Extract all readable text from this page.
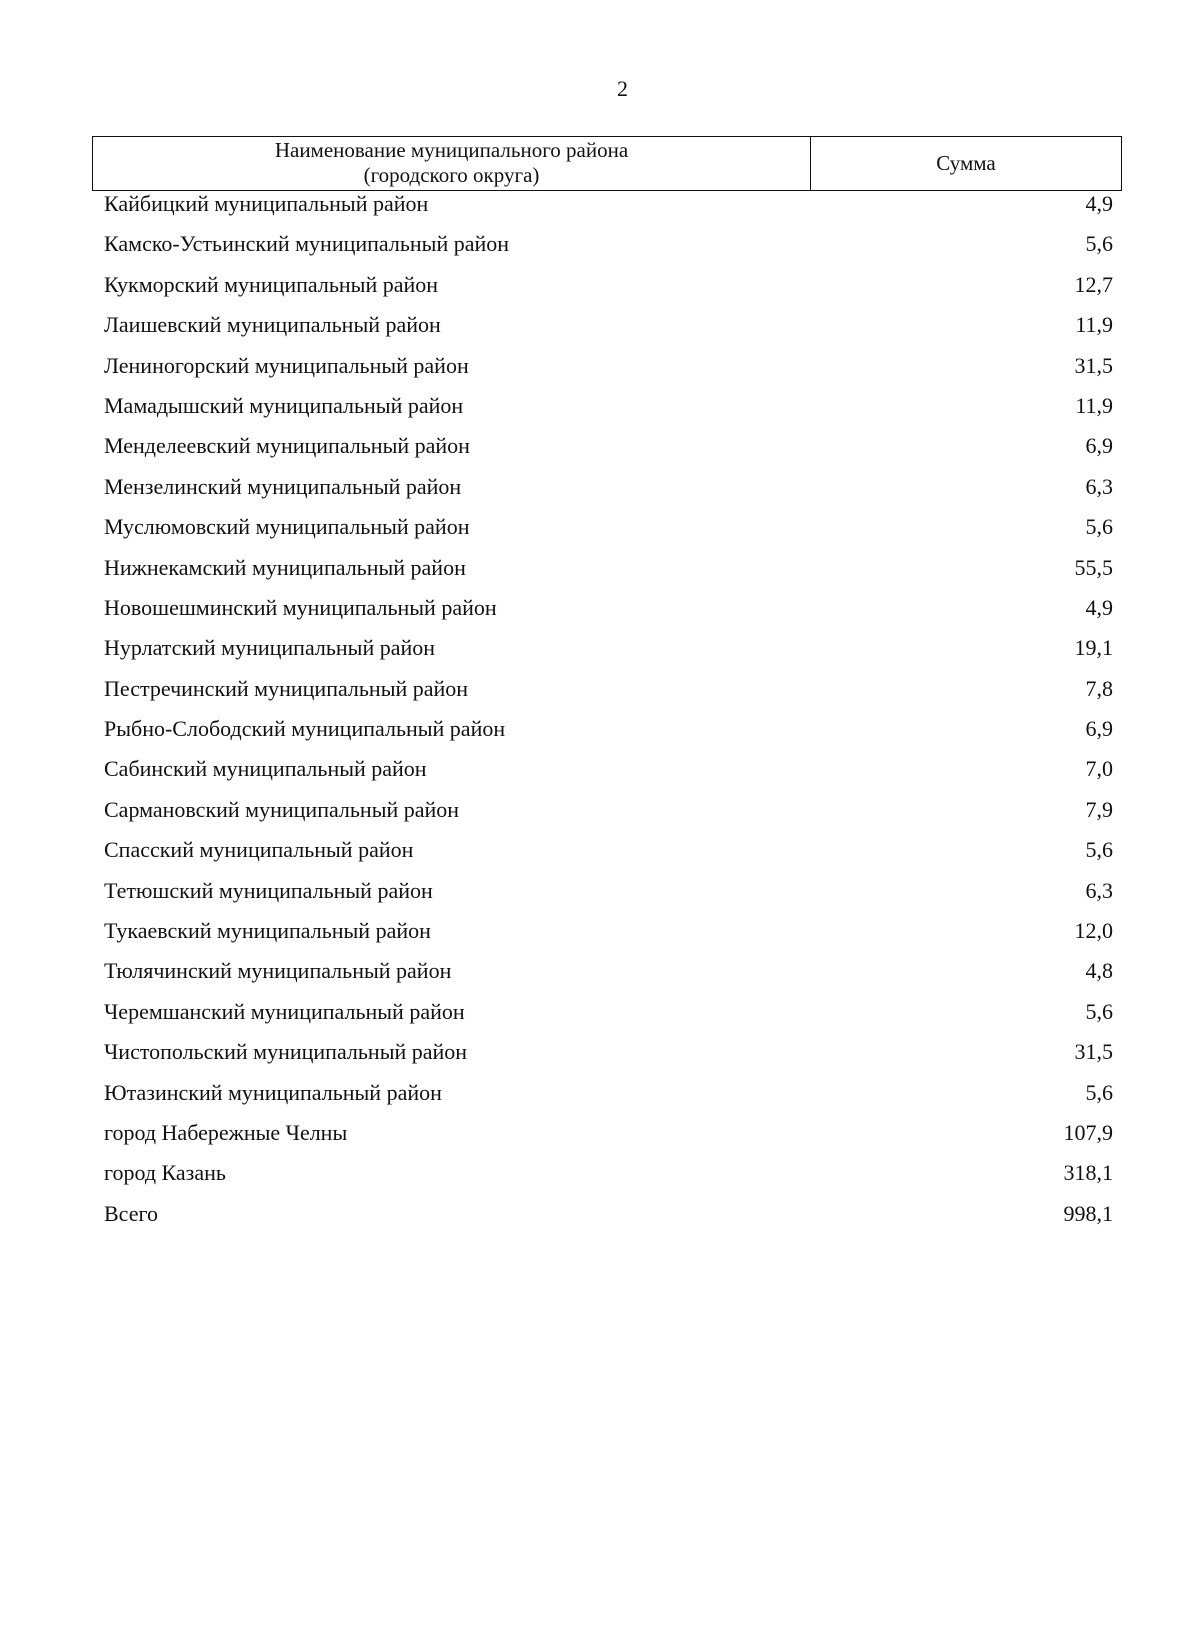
2
Наименование муниципального района
(городского округа)	Сумма
Кайбицкий муниципальный район	4,9
Камско-Устьинский муниципальный район	5,6
Кукморский муниципальный район	12,7
Лаишевский муниципальный район	11,9
Лениногорский муниципальный район	31,5
Мамадышский муниципальный район	11,9
Менделеевский муниципальный район	6,9
Мензелинский муниципальный район	6,3
Муслюмовский муниципальный район	5,6
Нижнекамский муниципальный район	55,5
Новошешминский муниципальный район	4,9
Нурлатский муниципальный район	19,1
Пестречинский муниципальный район	7,8
Рыбно-Слободский муниципальный район	6,9
Сабинский муниципальный район	7,0
Сармановский муниципальный район	7,9
Спасский муниципальный район	5,6
Тетюшский муниципальный район	6,3
Тукаевский муниципальный район	12,0
Тюлячинский муниципальный район	4,8
Черемшанский муниципальный район	5,6
Чистопольский муниципальный район	31,5
Ютазинский муниципальный район	5,6
город Набережные Челны	107,9
город Казань	318,1
Всего	998,1
